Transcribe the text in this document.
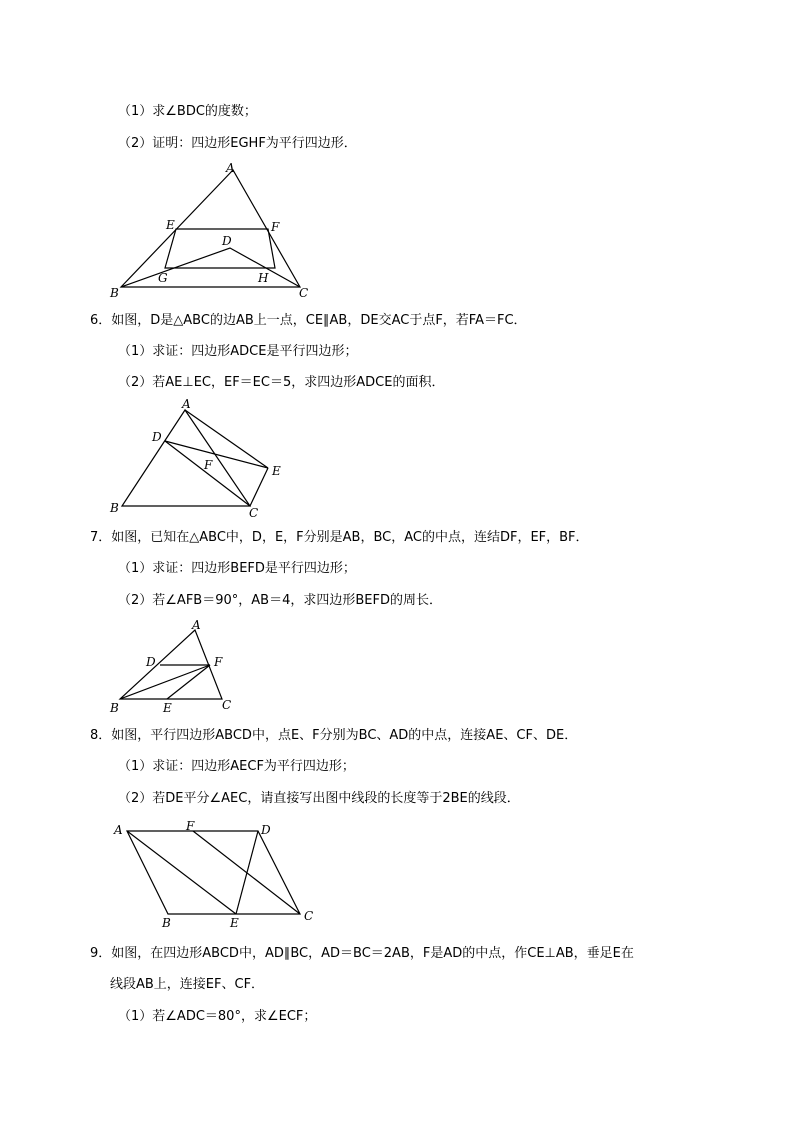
（1）求∠BDC的度数；
（2）证明：四边形EGHF为平行四边形．
A
E	F
D
G	H
B	C
6．如图，D是△ABC的边AB上一点，CE∥AB，DE交AC于点F，若FA＝FC．
（1）求证：四边形ADCE是平行四边形；
（2）若AE⊥EC，EF＝EC＝5，求四边形ADCE的面积．
A
D
F	E
B	C
7．如图，已知在△ABC中，D，E，F分别是AB，BC，AC的中点，连结DF，EF，BF．
（1）求证：四边形BEFD是平行四边形；
（2）若∠AFB＝90°，AB＝4，求四边形BEFD的周长．
A
D	F
B	E	C
8．如图，平行四边形ABCD中，点E、F分别为BC、AD的中点，连接AE、CF、DE．
（1）求证：四边形AECF为平行四边形；
（2）若DE平分∠AEC，请直接写出图中线段的长度等于2BE的线段．
A	F	D
B	E	C
9．如图，在四边形ABCD中，AD∥BC，AD＝BC＝2AB，F是AD的中点，作CE⊥AB，垂足E在
线段AB上，连接EF、CF．
（1）若∠ADC＝80°，求∠ECF；
